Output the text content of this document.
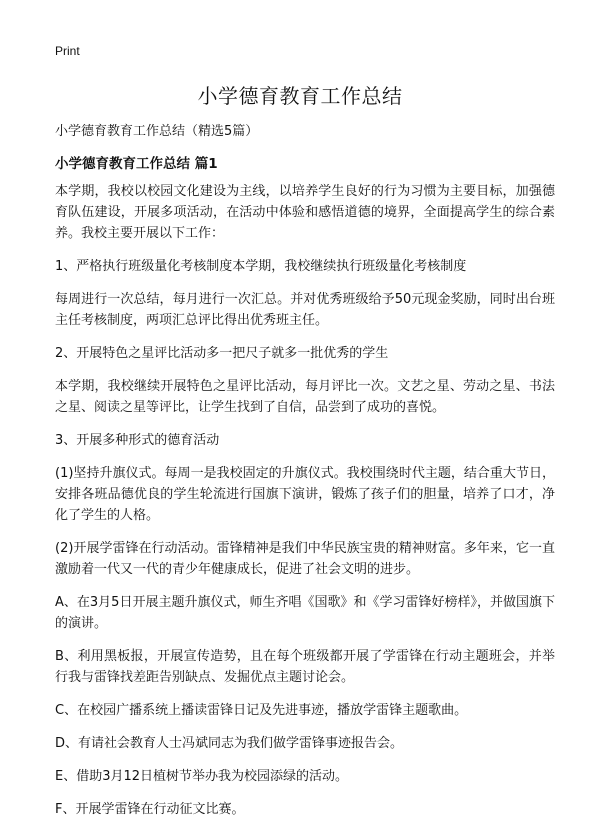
Print
小学德育教育工作总结

小学德育教育工作总结（精选5篇）

小学德育教育工作总结 篇1

本学期，我校以校园文化建设为主线，以培养学生良好的行为习惯为主要目标，加强德育队伍建设，开展多项活动，在活动中体验和感悟道德的境界，全面提高学生的综合素养。我校主要开展以下工作：

1、严格执行班级量化考核制度本学期，我校继续执行班级量化考核制度

每周进行一次总结，每月进行一次汇总。并对优秀班级给予50元现金奖励，同时出台班主任考核制度，两项汇总评比得出优秀班主任。

2、开展特色之星评比活动多一把尺子就多一批优秀的学生

本学期，我校继续开展特色之星评比活动，每月评比一次。文艺之星、劳动之星、书法之星、阅读之星等评比，让学生找到了自信，品尝到了成功的喜悦。

3、开展多种形式的德育活动

(1)坚持升旗仪式。每周一是我校固定的升旗仪式。我校围绕时代主题，结合重大节日，安排各班品德优良的学生轮流进行国旗下演讲，锻炼了孩子们的胆量，培养了口才，净化了学生的人格。

(2)开展学雷锋在行动活动。雷锋精神是我们中华民族宝贵的精神财富。多年来，它一直激励着一代又一代的青少年健康成长，促进了社会文明的进步。

A、在3月5日开展主题升旗仪式，师生齐唱《国歌》和《学习雷锋好榜样》，并做国旗下的演讲。

B、利用黑板报，开展宣传造势，且在每个班级都开展了学雷锋在行动主题班会，并举行我与雷锋找差距告别缺点、发掘优点主题讨论会。

C、在校园广播系统上播读雷锋日记及先进事迹，播放学雷锋主题歌曲。

D、有请社会教育人士冯斌同志为我们做学雷锋事迹报告会。

E、借助3月12日植树节举办我为校园添绿的活动。

F、开展学雷锋在行动征文比赛。
